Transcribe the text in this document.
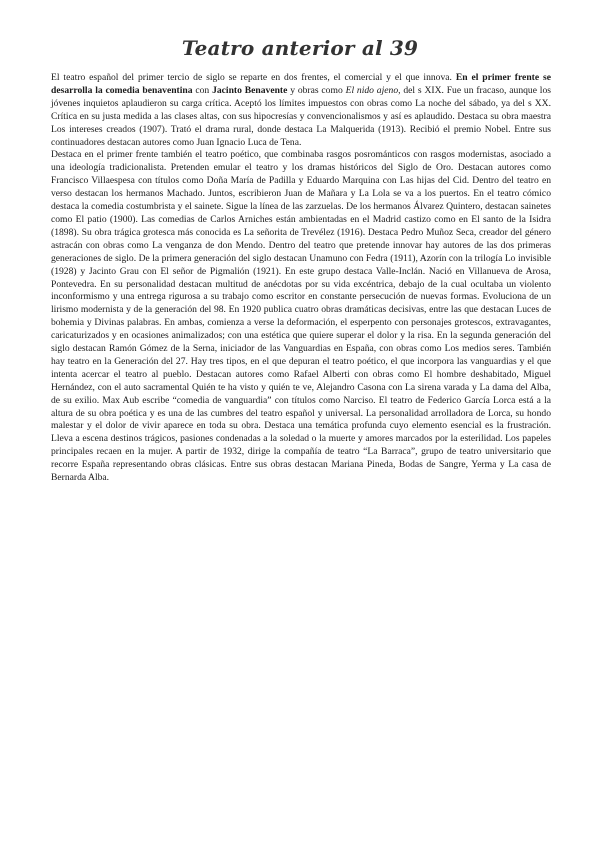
Teatro anterior al 39

El teatro español del primer tercio de siglo se reparte en dos frentes, el comercial y el que innova. En el primer frente se desarrolla la comedia benaventina con Jacinto Benavente y obras como El nido ajeno, del s XIX. Fue un fracaso, aunque los jóvenes inquietos aplaudieron su carga crítica. Aceptó los límites impuestos con obras como La noche del sábado, ya del s XX. Crítica en su justa medida a las clases altas, con sus hipocresías y convencionalismos y así es aplaudido. Destaca su obra maestra Los intereses creados (1907). Trató el drama rural, donde destaca La Malquerida (1913). Recibió el premio Nobel. Entre sus continuadores destacan autores como Juan Ignacio Luca de Tena.

Destaca en el primer frente también el teatro poético, que combinaba rasgos posrománticos con rasgos modernistas, asociado a una ideología tradicionalista. Pretenden emular el teatro y los dramas históricos del Siglo de Oro. Destacan autores como Francisco Villaespesa con títulos como Doña María de Padilla y Eduardo Marquina con Las hijas del Cid. Dentro del teatro en verso destacan los hermanos Machado. Juntos, escribieron Juan de Mañara y La Lola se va a los puertos. En el teatro cómico destaca la comedia costumbrista y el sainete. Sigue la línea de las zarzuelas. De los hermanos Álvarez Quintero, destacan sainetes como El patio (1900). Las comedias de Carlos Arniches están ambientadas en el Madrid castizo como en El santo de la Isidra (1898). Su obra trágica grotesca más conocida es La señorita de Trevélez (1916). Destaca Pedro Muñoz Seca, creador del género astracán con obras como La venganza de don Mendo. Dentro del teatro que pretende innovar hay autores de las dos primeras generaciones de siglo. De la primera generación del siglo destacan Unamuno con Fedra (1911), Azorín con la trilogía Lo invisible (1928) y Jacinto Grau con El señor de Pigmalión (1921). En este grupo destaca Valle-Inclán. Nació en Villanueva de Arosa, Pontevedra. En su personalidad destacan multitud de anécdotas por su vida excéntrica, debajo de la cual ocultaba un violento inconformismo y una entrega rigurosa a su trabajo como escritor en constante persecución de nuevas formas. Evoluciona de un lirismo modernista y de la generación del 98. En 1920 publica cuatro obras dramáticas decisivas, entre las que destacan Luces de bohemia y Divinas palabras. En ambas, comienza a verse la deformación, el esperpento con personajes grotescos, extravagantes, caricaturizados y en ocasiones animalizados; con una estética que quiere superar el dolor y la risa. En la segunda generación del siglo destacan Ramón Gómez de la Serna, iniciador de las Vanguardias en España, con obras como Los medios seres. También hay teatro en la Generación del 27. Hay tres tipos, en el que depuran el teatro poético, el que incorpora las vanguardias y el que intenta acercar el teatro al pueblo. Destacan autores como Rafael Alberti con obras como El hombre deshabitado, Miguel Hernández, con el auto sacramental Quién te ha visto y quién te ve, Alejandro Casona con La sirena varada y La dama del Alba, de su exilio. Max Aub escribe “comedia de vanguardia” con títulos como Narciso. El teatro de Federico García Lorca está a la altura de su obra poética y es una de las cumbres del teatro español y universal. La personalidad arrolladora de Lorca, su hondo malestar y el dolor de vivir aparece en toda su obra. Destaca una temática profunda cuyo elemento esencial es la frustración. Lleva a escena destinos trágicos, pasiones condenadas a la soledad o la muerte y amores marcados por la esterilidad. Los papeles principales recaen en la mujer. A partir de 1932, dirige la compañía de teatro “La Barraca”, grupo de teatro universitario que recorre España representando obras clásicas. Entre sus obras destacan Mariana Pineda, Bodas de Sangre, Yerma y La casa de Bernarda Alba.
